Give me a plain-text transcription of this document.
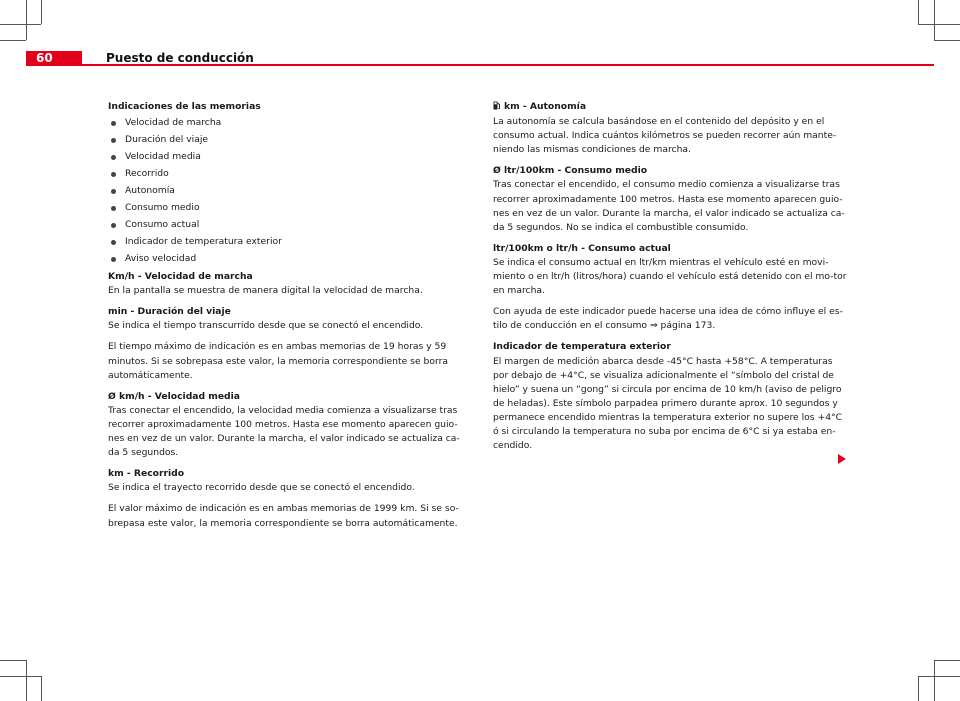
60	Puesto de conducción

Indicaciones de las memorias

Velocidad de marcha
Duración del viaje
Velocidad media
Recorrido
Autonomía
Consumo medio
Consumo actual
Indicador de temperatura exterior
Aviso velocidad

Km/h - Velocidad de marcha

En la pantalla se muestra de manera digital la velocidad de marcha.

min - Duración del viaje

Se indica el tiempo transcurrido desde que se conectó el encendido.

El tiempo máximo de indicación es en ambas memorias de 19 horas y 59 minutos. Si se sobrepasa este valor, la memoria correspondiente se borra automáticamente.

Ø km/h - Velocidad media

Tras conectar el encendido, la velocidad media comienza a visualizarse tras recorrer aproximadamente 100 metros. Hasta ese momento aparecen guio-nes en vez de un valor. Durante la marcha, el valor indicado se actualiza ca-da 5 segundos.

km - Recorrido

Se indica el trayecto recorrido desde que se conectó el encendido.

El valor máximo de indicación es en ambas memorias de 1999 km. Si se so-brepasa este valor, la memoria correspondiente se borra automáticamente.

km - Autonomía

La autonomía se calcula basándose en el contenido del depósito y en el consumo actual. Indica cuántos kilómetros se pueden recorrer aún mante-niendo las mismas condiciones de marcha.

Ø ltr/100km - Consumo medio

Tras conectar el encendido, el consumo medio comienza a visualizarse tras recorrer aproximadamente 100 metros. Hasta ese momento aparecen guio-nes en vez de un valor. Durante la marcha, el valor indicado se actualiza ca-da 5 segundos. No se indica el combustible consumido.

ltr/100km o ltr/h - Consumo actual

Se indica el consumo actual en ltr/km mientras el vehículo esté en movi-miento o en ltr/h (litros/hora) cuando el vehículo está detenido con el mo-tor en marcha.

Con ayuda de este indicador puede hacerse una idea de cómo influye el es-tilo de conducción en el consumo ⇒ página 173.

Indicador de temperatura exterior

El margen de medición abarca desde -45°C hasta +58°C. A temperaturas por debajo de +4°C, se visualiza adicionalmente el “símbolo del cristal de hielo” y suena un “gong” si circula por encima de 10 km/h (aviso de peligro de heladas). Este símbolo parpadea primero durante aprox. 10 segundos y permanece encendido mientras la temperatura exterior no supere los +4°C ó si circulando la temperatura no suba por encima de 6°C si ya estaba en-cendido.
